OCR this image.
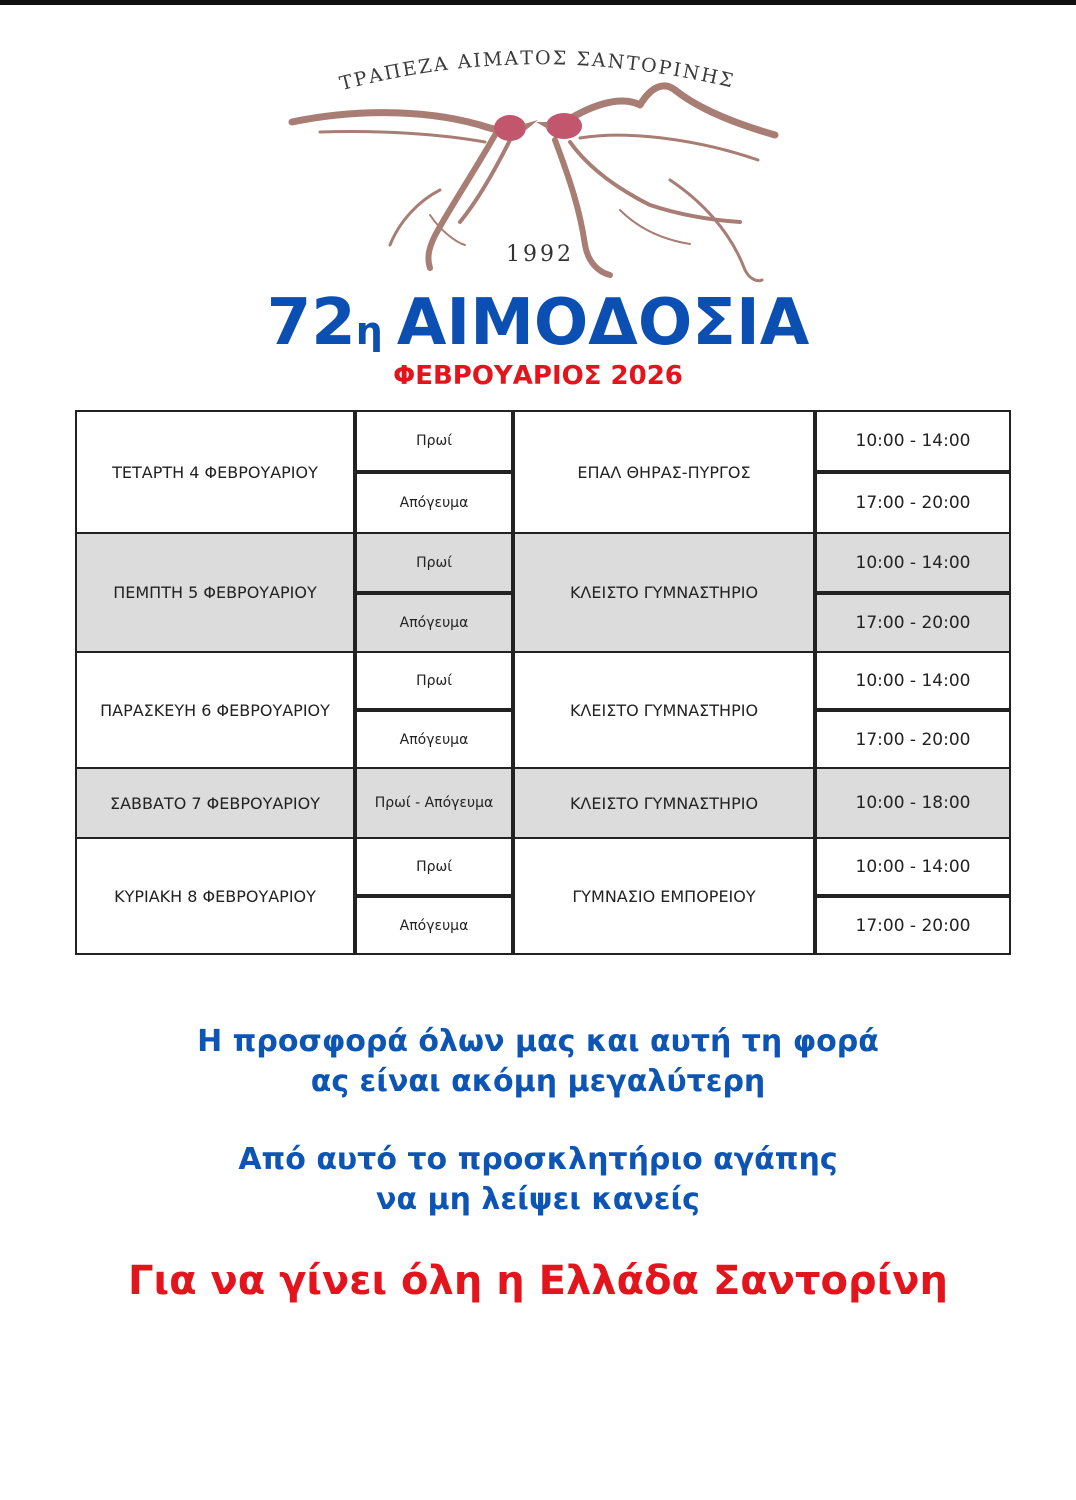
ΤΡΑΠΕΖΑ ΑΙΜΑΤΟΣ ΣΑΝΤΟΡΙΝΗΣ
1992
72η ΑΙΜΟΔΟΣΙΑ
ΦΕΒΡΟΥΑΡΙΟΣ 2026
ΤΕΤΑΡΤΗ 4 ΦΕΒΡΟΥΑΡΙΟΥ	ΕΠΑΛ ΘΗΡΑΣ-ΠΥΡΓΟΣ
Πρωί	10:00 - 14:00
Απόγευμα	17:00 - 20:00
ΠΕΜΠΤΗ 5 ΦΕΒΡΟΥΑΡΙΟΥ	ΚΛΕΙΣΤΟ ΓΥΜΝΑΣΤΗΡΙΟ
Πρωί	10:00 - 14:00
Απόγευμα	17:00 - 20:00
ΠΑΡΑΣΚΕΥΗ 6 ΦΕΒΡΟΥΑΡΙΟΥ	ΚΛΕΙΣΤΟ ΓΥΜΝΑΣΤΗΡΙΟ
Πρωί	10:00 - 14:00
Απόγευμα	17:00 - 20:00
ΣΑΒΒΑΤΟ 7 ΦΕΒΡΟΥΑΡΙΟΥ	ΚΛΕΙΣΤΟ ΓΥΜΝΑΣΤΗΡΙΟ
Πρωί - Απόγευμα	10:00 - 18:00
ΚΥΡΙΑΚΗ 8 ΦΕΒΡΟΥΑΡΙΟΥ	ΓΥΜΝΑΣΙΟ ΕΜΠΟΡΕΙΟΥ
Πρωί	10:00 - 14:00
Απόγευμα	17:00 - 20:00
Η προσφορά όλων μας και αυτή τη φορά
ας είναι ακόμη μεγαλύτερη
Από αυτό το προσκλητήριο αγάπης
να μη λείψει κανείς
Για να γίνει όλη η Ελλάδα Σαντορίνη
